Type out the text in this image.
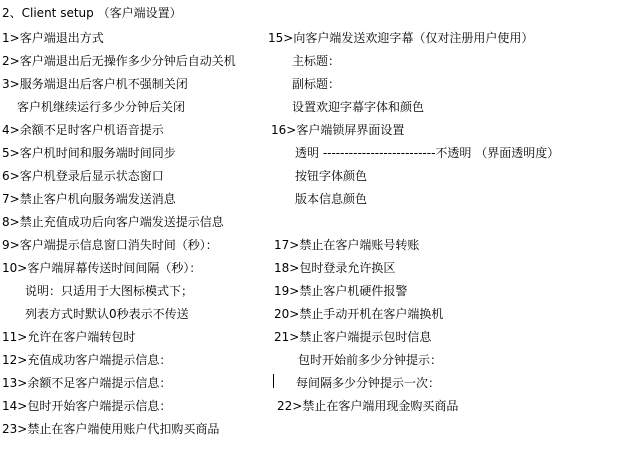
2、Client setup （客户端设置）
1>客户端退出方式
2>客户端退出后无操作多少分钟后自动关机
3>服务端退出后客户机不强制关闭
客户机继续运行多少分钟后关闭
4>余额不足时客户机语音提示
5>客户机时间和服务端时间同步
6>客户机登录后显示状态窗口
7>禁止客户机向服务端发送消息
8>禁止充值成功后向客户端发送提示信息
9>客户端提示信息窗口消失时间（秒）：
10>客户端屏幕传送时间间隔（秒）：
说明：只适用于大图标模式下；
列表方式时默认0秒表示不传送
11>允许在客户端转包时
12>充值成功客户端提示信息：
13>余额不足客户端提示信息：
14>包时开始客户端提示信息：
23>禁止在客户端使用账户代扣购买商品
15>向客户端发送欢迎字幕（仅对注册用户使用）
主标题：
副标题：
设置欢迎字幕字体和颜色
16>客户端锁屏界面设置
透明 --------------------------不透明 （界面透明度）
按钮字体颜色
版本信息颜色
17>禁止在客户端账号转账
18>包时登录允许换区
19>禁止客户机硬件报警
20>禁止手动开机在客户端换机
21>禁止客户端提示包时信息
包时开始前多少分钟提示：
每间隔多少分钟提示一次：
22>禁止在客户端用现金购买商品
